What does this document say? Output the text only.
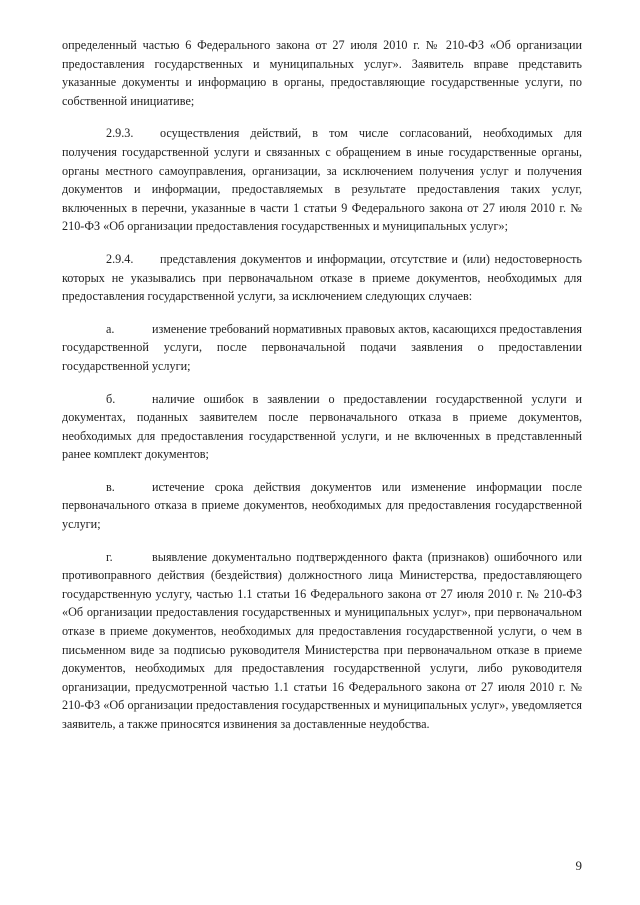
определенный частью 6 Федерального закона от 27 июля 2010 г. № 210-ФЗ «Об организации предоставления государственных и муниципальных услуг». Заявитель вправе представить указанные документы и информацию в органы, предоставляющие государственные услуги, по собственной инициативе;

2.9.3. осуществления действий, в том числе согласований, необходимых для получения государственной услуги и связанных с обращением в иные государственные органы, органы местного самоуправления, организации, за исключением получения услуг и получения документов и информации, предоставляемых в результате предоставления таких услуг, включенных в перечни, указанные в части 1 статьи 9 Федерального закона от 27 июля 2010 г. № 210-ФЗ «Об организации предоставления государственных и муниципальных услуг»;

2.9.4. представления документов и информации, отсутствие и (или) недостоверность которых не указывались при первоначальном отказе в приеме документов, необходимых для предоставления государственной услуги, за исключением следующих случаев:

а.	изменение требований нормативных правовых актов, касающихся предоставления государственной услуги, после первоначальной подачи заявления о предоставлении государственной услуги;

б.	наличие ошибок в заявлении о предоставлении государственной услуги и документах, поданных заявителем после первоначального отказа в приеме документов, необходимых для предоставления государственной услуги, и не включенных в представленный ранее комплект документов;

в.	истечение срока действия документов или изменение информации после первоначального отказа в приеме документов, необходимых для предоставления государственной услуги;

г.	выявление документально подтвержденного факта (признаков) ошибочного или противоправного действия (бездействия) должностного лица Министерства, предоставляющего государственную услугу, частью 1.1 статьи 16 Федерального закона от 27 июля 2010 г. № 210-ФЗ «Об организации предоставления государственных и муниципальных услуг», при первоначальном отказе в приеме документов, необходимых для предоставления государственной услуги, о чем в письменном виде за подписью руководителя Министерства при первоначальном отказе в приеме документов, необходимых для предоставления государственной услуги, либо руководителя организации, предусмотренной частью 1.1 статьи 16 Федерального закона от 27 июля 2010 г. № 210-ФЗ «Об организации предоставления государственных и муниципальных услуг», уведомляется заявитель, а также приносятся извинения за доставленные неудобства.

9
